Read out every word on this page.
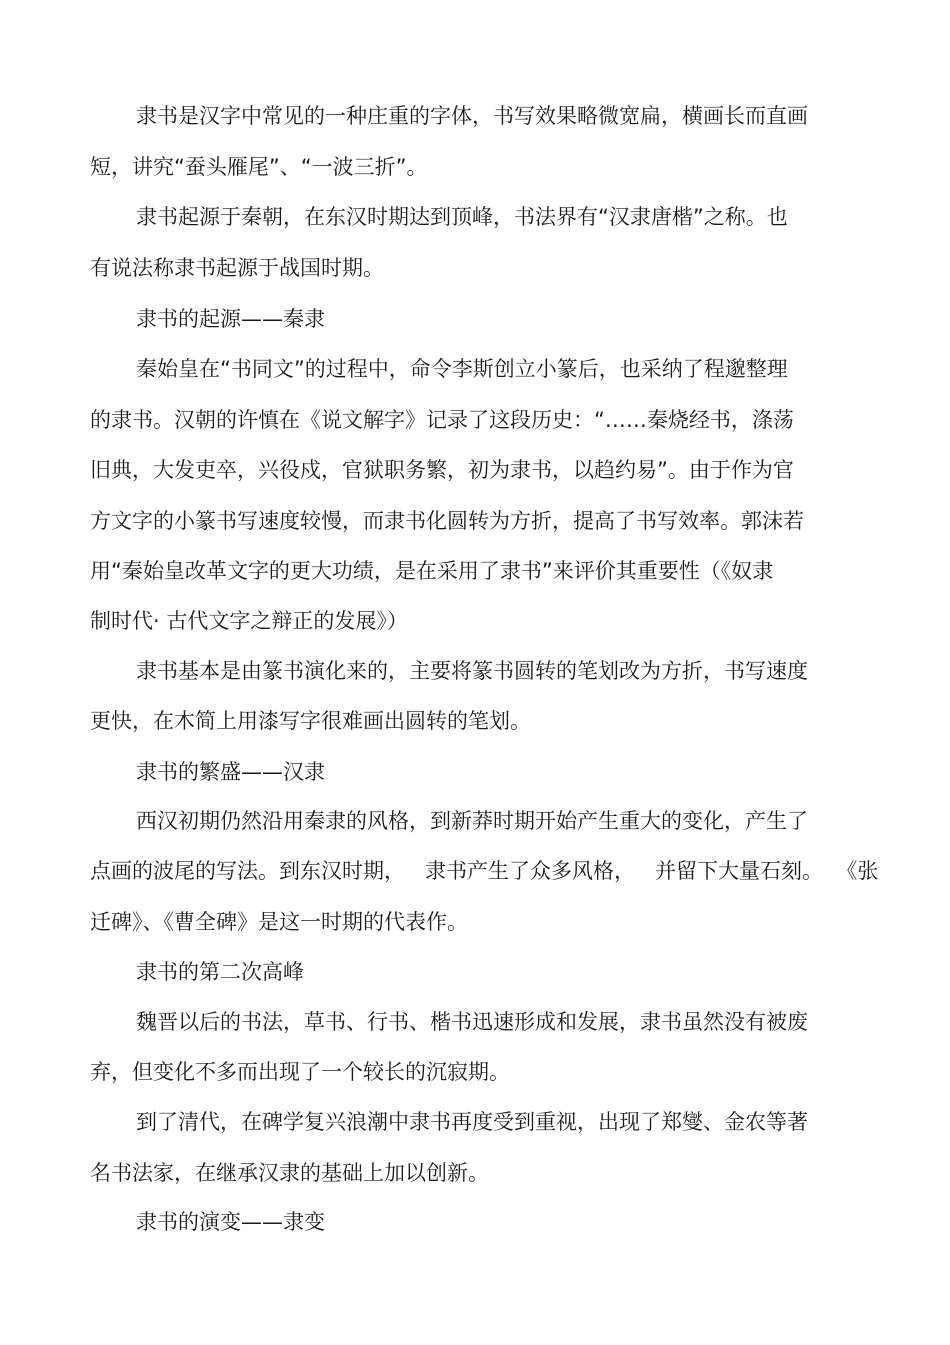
隶书是汉字中常见的一种庄重的字体，书写效果略微宽扁，横画长而直画

短，讲究“蚕头雁尾”、“一波三折”。

隶书起源于秦朝，在东汉时期达到顶峰，书法界有“汉隶唐楷”之称。也

有说法称隶书起源于战国时期。

隶书的起源——秦隶

秦始皇在“书同文”的过程中，命令李斯创立小篆后，也采纳了程邈整理

的隶书。汉朝的许慎在《说文解字》记录了这段历史：“……秦烧经书，涤荡

旧典，大发吏卒，兴役戍，官狱职务繁，初为隶书，以趋约易”。由于作为官

方文字的小篆书写速度较慢，而隶书化圆转为方折，提高了书写效率。郭沫若

用“秦始皇改革文字的更大功绩，是在采用了隶书”来评价其重要性（《奴隶

制时代· 古代文字之辩正的发展》）

隶书基本是由篆书演化来的，主要将篆书圆转的笔划改为方折，书写速度

更快，在木简上用漆写字很难画出圆转的笔划。

隶书的繁盛——汉隶

西汉初期仍然沿用秦隶的风格，到新莽时期开始产生重大的变化，产生了

点画的波尾的写法。到东汉时期，   隶书产生了众多风格，   并留下大量石刻。  《张

迁碑》、《曹全碑》是这一时期的代表作。

隶书的第二次高峰

魏晋以后的书法，草书、行书、楷书迅速形成和发展，隶书虽然没有被废

弃，但变化不多而出现了一个较长的沉寂期。

到了清代，在碑学复兴浪潮中隶书再度受到重视，出现了郑燮、金农等著

名书法家，在继承汉隶的基础上加以创新。

隶书的演变——隶变
